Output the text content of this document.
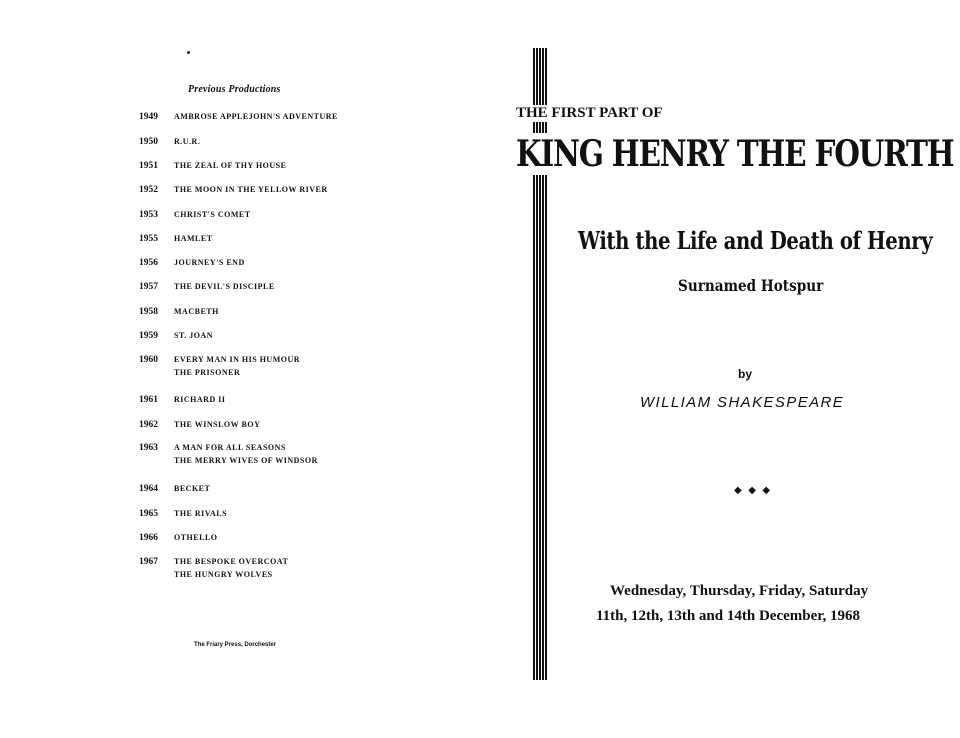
Previous Productions
1949	AMBROSE APPLEJOHN'S ADVENTURE
1950	R.U.R.
1951	THE ZEAL OF THY HOUSE
1952	THE MOON IN THE YELLOW RIVER
1953	CHRIST'S COMET
1955	HAMLET
1956	JOURNEY'S END
1957	THE DEVIL'S DISCIPLE
1958	MACBETH
1959	ST. JOAN
1960	EVERY MAN IN HIS HUMOUR
THE PRISONER
1961	RICHARD II
1962	THE WINSLOW BOY
1963	A MAN FOR ALL SEASONS
THE MERRY WIVES OF WINDSOR
1964	BECKET
1965	THE RIVALS
1966	OTHELLO
1967	THE BESPOKE OVERCOAT
THE HUNGRY WOLVES
The Friary Press, Dorchester
THE FIRST PART OF
KING HENRY THE FOURTH
With the Life and Death of Henry
Surnamed Hotspur
by
WILLIAM SHAKESPEARE
◆ ◆ ◆
Wednesday, Thursday, Friday, Saturday
11th, 12th, 13th and 14th December, 1968
